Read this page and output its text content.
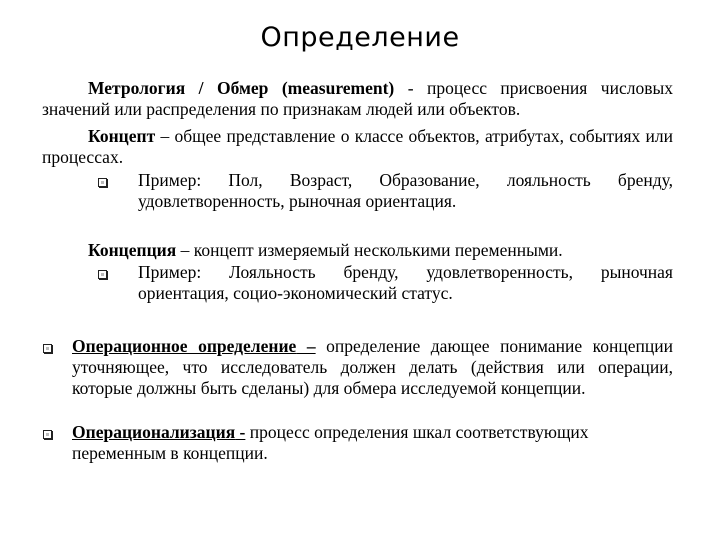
Определение

Метрология / Обмер (measurement) - процесс присвоения числовых значений или распределения по признакам людей или объектов.

Концепт – общее представление о классе объектов, атрибутах, событиях или процессах.

Пример: Пол, Возраст, Образование, лояльность бренду, удовлетворенность, рыночная ориентация.

Концепция – концепт измеряемый несколькими переменными.

Пример: Лояльность бренду, удовлетворенность, рыночная ориентация, социо-экономический статус.

Операционное определение – определение дающее понимание концепции уточняющее, что исследователь должен делать (действия или операции, которые должны быть сделаны) для обмера исследуемой концепции.

Операционализация - процесс определения шкал соответствующих переменным в концепции.
